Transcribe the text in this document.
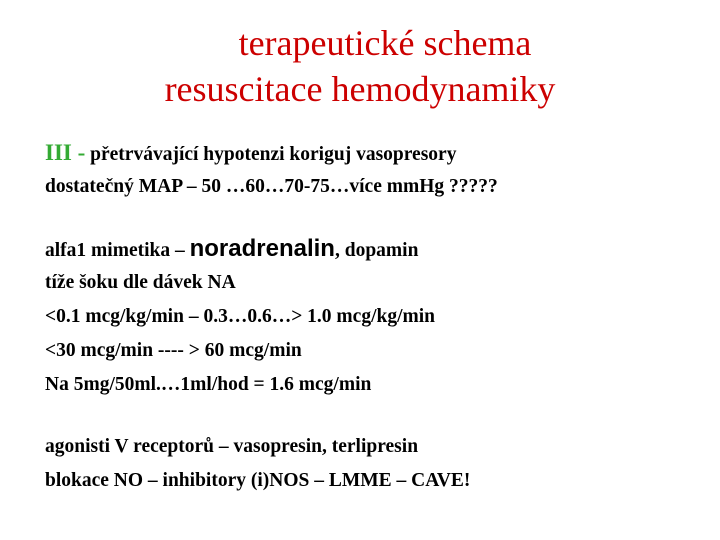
terapeutické schema
resuscitace hemodynamiky
III - přetrvávající hypotenzi koriguj vasopresory
dostatečný MAP – 50 …60…70-75…více mmHg ?????
alfa1 mimetika – noradrenalin, dopamin
tíže šoku dle dávek NA
<0.1 mcg/kg/min – 0.3…0.6…> 1.0 mcg/kg/min
<30 mcg/min ---- > 60 mcg/min
Na 5mg/50ml.…1ml/hod = 1.6 mcg/min
agonisti V receptorů – vasopresin, terlipresin
blokace NO – inhibitory (i)NOS – LMME – CAVE!
